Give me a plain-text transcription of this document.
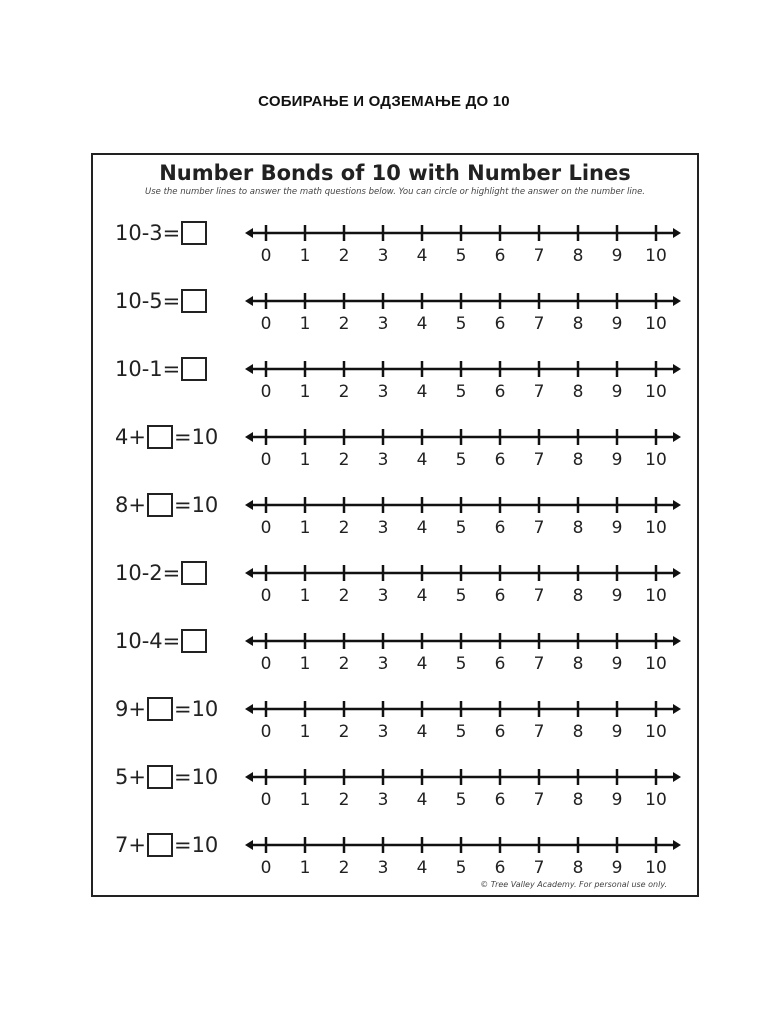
СОБИРАЊЕ И ОДЗЕМАЊЕ ДО 10
Number Bonds of 10 with Number Lines
Use the number lines to answer the math questions below. You can circle or highlight the answer on the number line.
10-3=
0 1 2 3 4 5 6 7 8 9 10
10-5=
0 1 2 3 4 5 6 7 8 9 10
10-1=
0 1 2 3 4 5 6 7 8 9 10
4+ =10
0 1 2 3 4 5 6 7 8 9 10
8+ =10
0 1 2 3 4 5 6 7 8 9 10
10-2=
0 1 2 3 4 5 6 7 8 9 10
10-4=
0 1 2 3 4 5 6 7 8 9 10
9+ =10
0 1 2 3 4 5 6 7 8 9 10
5+ =10
0 1 2 3 4 5 6 7 8 9 10
7+ =10
0 1 2 3 4 5 6 7 8 9 10
© Tree Valley Academy. For personal use only.
